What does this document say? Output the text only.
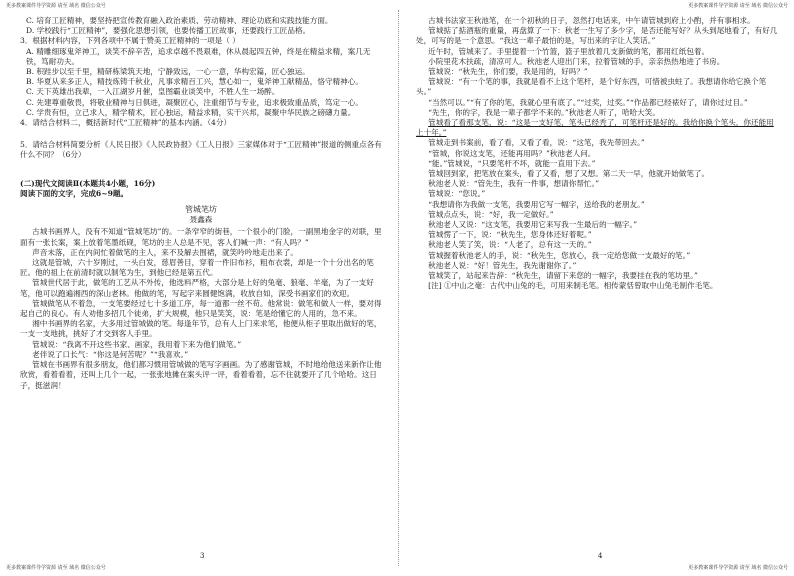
更多教案课件导学资源 请至 域名 微信公众号	更多教案课件导学资源 请至 域名 微信公众号

C. 培育工匠精神，要坚持把宣传教育融入政治素质、劳动精神、理论功底和实践技能方面。

D. 学校践行“工匠精神”，要强化思想引领，也要传播工匠故事，还要践行工匠品格。

3．根据材料内容，下列各项中不属于赞美工匠精神的一项是（ ）

A. 精雕细琢鬼斧神工，谈笑不辞辛苦，追求卓越不畏艰难，休从晨起四五钟，终是在精益求精，案几无铁，笃耐功夫。

B. 积跬步以至千里，精研栋梁筑天地，宁静致远，一心一意，华构宏篇，匠心独运。

B. 华夏从来多正人，精技炼铸千秋业，凡事求精百工兴，慧心如一，鬼斧神工献精品，恪守精神心。

C. 天下英雄出我辈，一入江湖岁月催，皇图霸业谈笑中，不胜人生一场醉。

C. 先建尊重敬畏，将敬业精神与日俱进，凝聚匠心，注重细节与专业，追求极致重品质，笃定一心。

C. 学贵有恒，立己求人，精学精术，匠心独运，精益求精，实干兴邦，凝聚中华民族之磅礴力量。

4．请结合材料二，概括新时代“工匠精神”的基本内涵。（4分）

5．请结合材料简要分析《人民日报》《人民政协报》《工人日报》三家媒体对于“工匠精神”报道的侧重点各有什么不同？（6分）

(二)现代文阅读Ⅱ(本题共4小题，16分)

阅读下面的文字，完成6~9题。

管城笔坊

聂鑫森

古城书画界人，没有不知道“管城笔坊”的。一条窄窄的街巷，一个很小的门脸，一副黑地金字的对联，里面有一张长案，案上放着笔墨纸砚，笔坊的主人总是不见，客人们喊一声：“有人吗？”

声音未落，正在内间忙着做笔的主人，来不及解去围裙，就笑吟吟地走出来了。

这就是管城，六十岁刚过，一头白发，慈眉善目，穿着一件旧布衫，粗布衣裳，却是一个十分出名的笔匠。他的祖上在前清时就以制笔为生，到他已经是第五代。

管城世代居于此，做笔的工艺从不外传，他选料严格，大部分是上好的兔毫、狼毫、羊毫，为了一支好笔，他可以跑遍湘西的深山老林。他做的笔，写起字来圆健饱满，收放自如，深受书画家们的欢迎。

管城做笔从不着急，一支笔要经过七十多道工序，每一道都一丝不苟。他常说：做笔和做人一样，要对得起自己的良心。有人劝他多招几个徒弟，扩大规模，他只是笑笑，说：笔是给懂它的人用的，急不来。

湘中书画界的名家，大多用过管城做的笔。每逢年节，总有人上门来求笔，他便从柜子里取出做好的笔，一支一支地挑，挑好了才交到客人手里。

管城说：“我离不开这些书家、画家，我用着下来为他们做笔。”

老伴说了口长气：“你这是何苦呢？”“我喜欢。”

管城在书画界有很多朋友，他们都习惯用管城做的笔写字画画。为了感谢管城，不时地给他送来新作让他欣赏，看着看着，还叫上几个一起，一张张地摊在案头评一评，看着看着，忘不住就要开了几个哈哈。这日子，挺滋润！

3

古城书法家王秋池笔，在一个初秋的日子，忽然打电话来，中午请管城到府上小酌，并有事相求。

管城掂了掂酒瓶的重量，再盘算了一下：秋老一生写了多少字，是否还能写好？从头到尾地看了，有好几处，可写的是一个意思。“我这一辈子最怕的是，写出来的字让人笑话。”

近午时，管城来了。手里提着一个竹篮，篮子里放着几支新做的笔，都用红纸包着。

小院里花木扶疏，清凉可人。秋池老人迎出门来，拉着管城的手，亲亲热热地进了书房。

管城说：“秋先生，你们要，我是用的，好吗？”

管城说：“有一个笔的事，我就是看不上这个笔杆，是个好东西，可惜被虫蛀了。我想请你给它换个笔头。”

“当然可以。”“有了你的笔，我就心里有底了。”“过奖，过奖。”“作品都已经裱好了，请你过过目。”

“先生，你的字，我是一辈子都学不来的。”秋池老人听了，哈哈大笑。

管城看了看那支笔，说：“这是一支好笔，笔头已经秃了，可笔杆还是好的。我给你换个笔头，你还能用上十年。”

管城走到书案前，看了看，又看了看，说：“这笔，我先带回去。”

“管城，你说这支笔，还能再用吗？”秋池老人问。

“能。”管城说，“只要笔杆不坏，就能一直用下去。”

管城回到家，把笔放在案头，看了又看，想了又想。第二天一早，他就开始做笔了。

秋池老人说：“管先生，我有一件事，想请你帮忙。”

管城说：“您说。”

“我想请你为我做一支笔，我要用它写一幅字，送给我的老朋友。”

管城点点头，说：“好，我一定做好。”

秋池老人又说：“这支笔，我要用它来写我一生最后的一幅字。”

管城愣了一下，说：“秋先生，您身体还好着呢。”

秋池老人笑了笑，说：“人老了，总有这一天的。”

管城握着秋池老人的手，说：“秋先生，您放心，我一定给您做一支最好的笔。”

秋池老人说：“好！管先生，我先谢谢你了。”

管城笑了，站起来告辞：“秋先生，请留下来您的一幅字，我要挂在我的笔坊里。”

[注] ①中山之毫：古代中山兔的毛，可用来制毛笔。相传蒙恬曾取中山兔毛制作毛笔。

4
更多教案课件导学资源 请至 域名 微信公众号	更多教案课件导学资源 请至 域名 微信公众号
